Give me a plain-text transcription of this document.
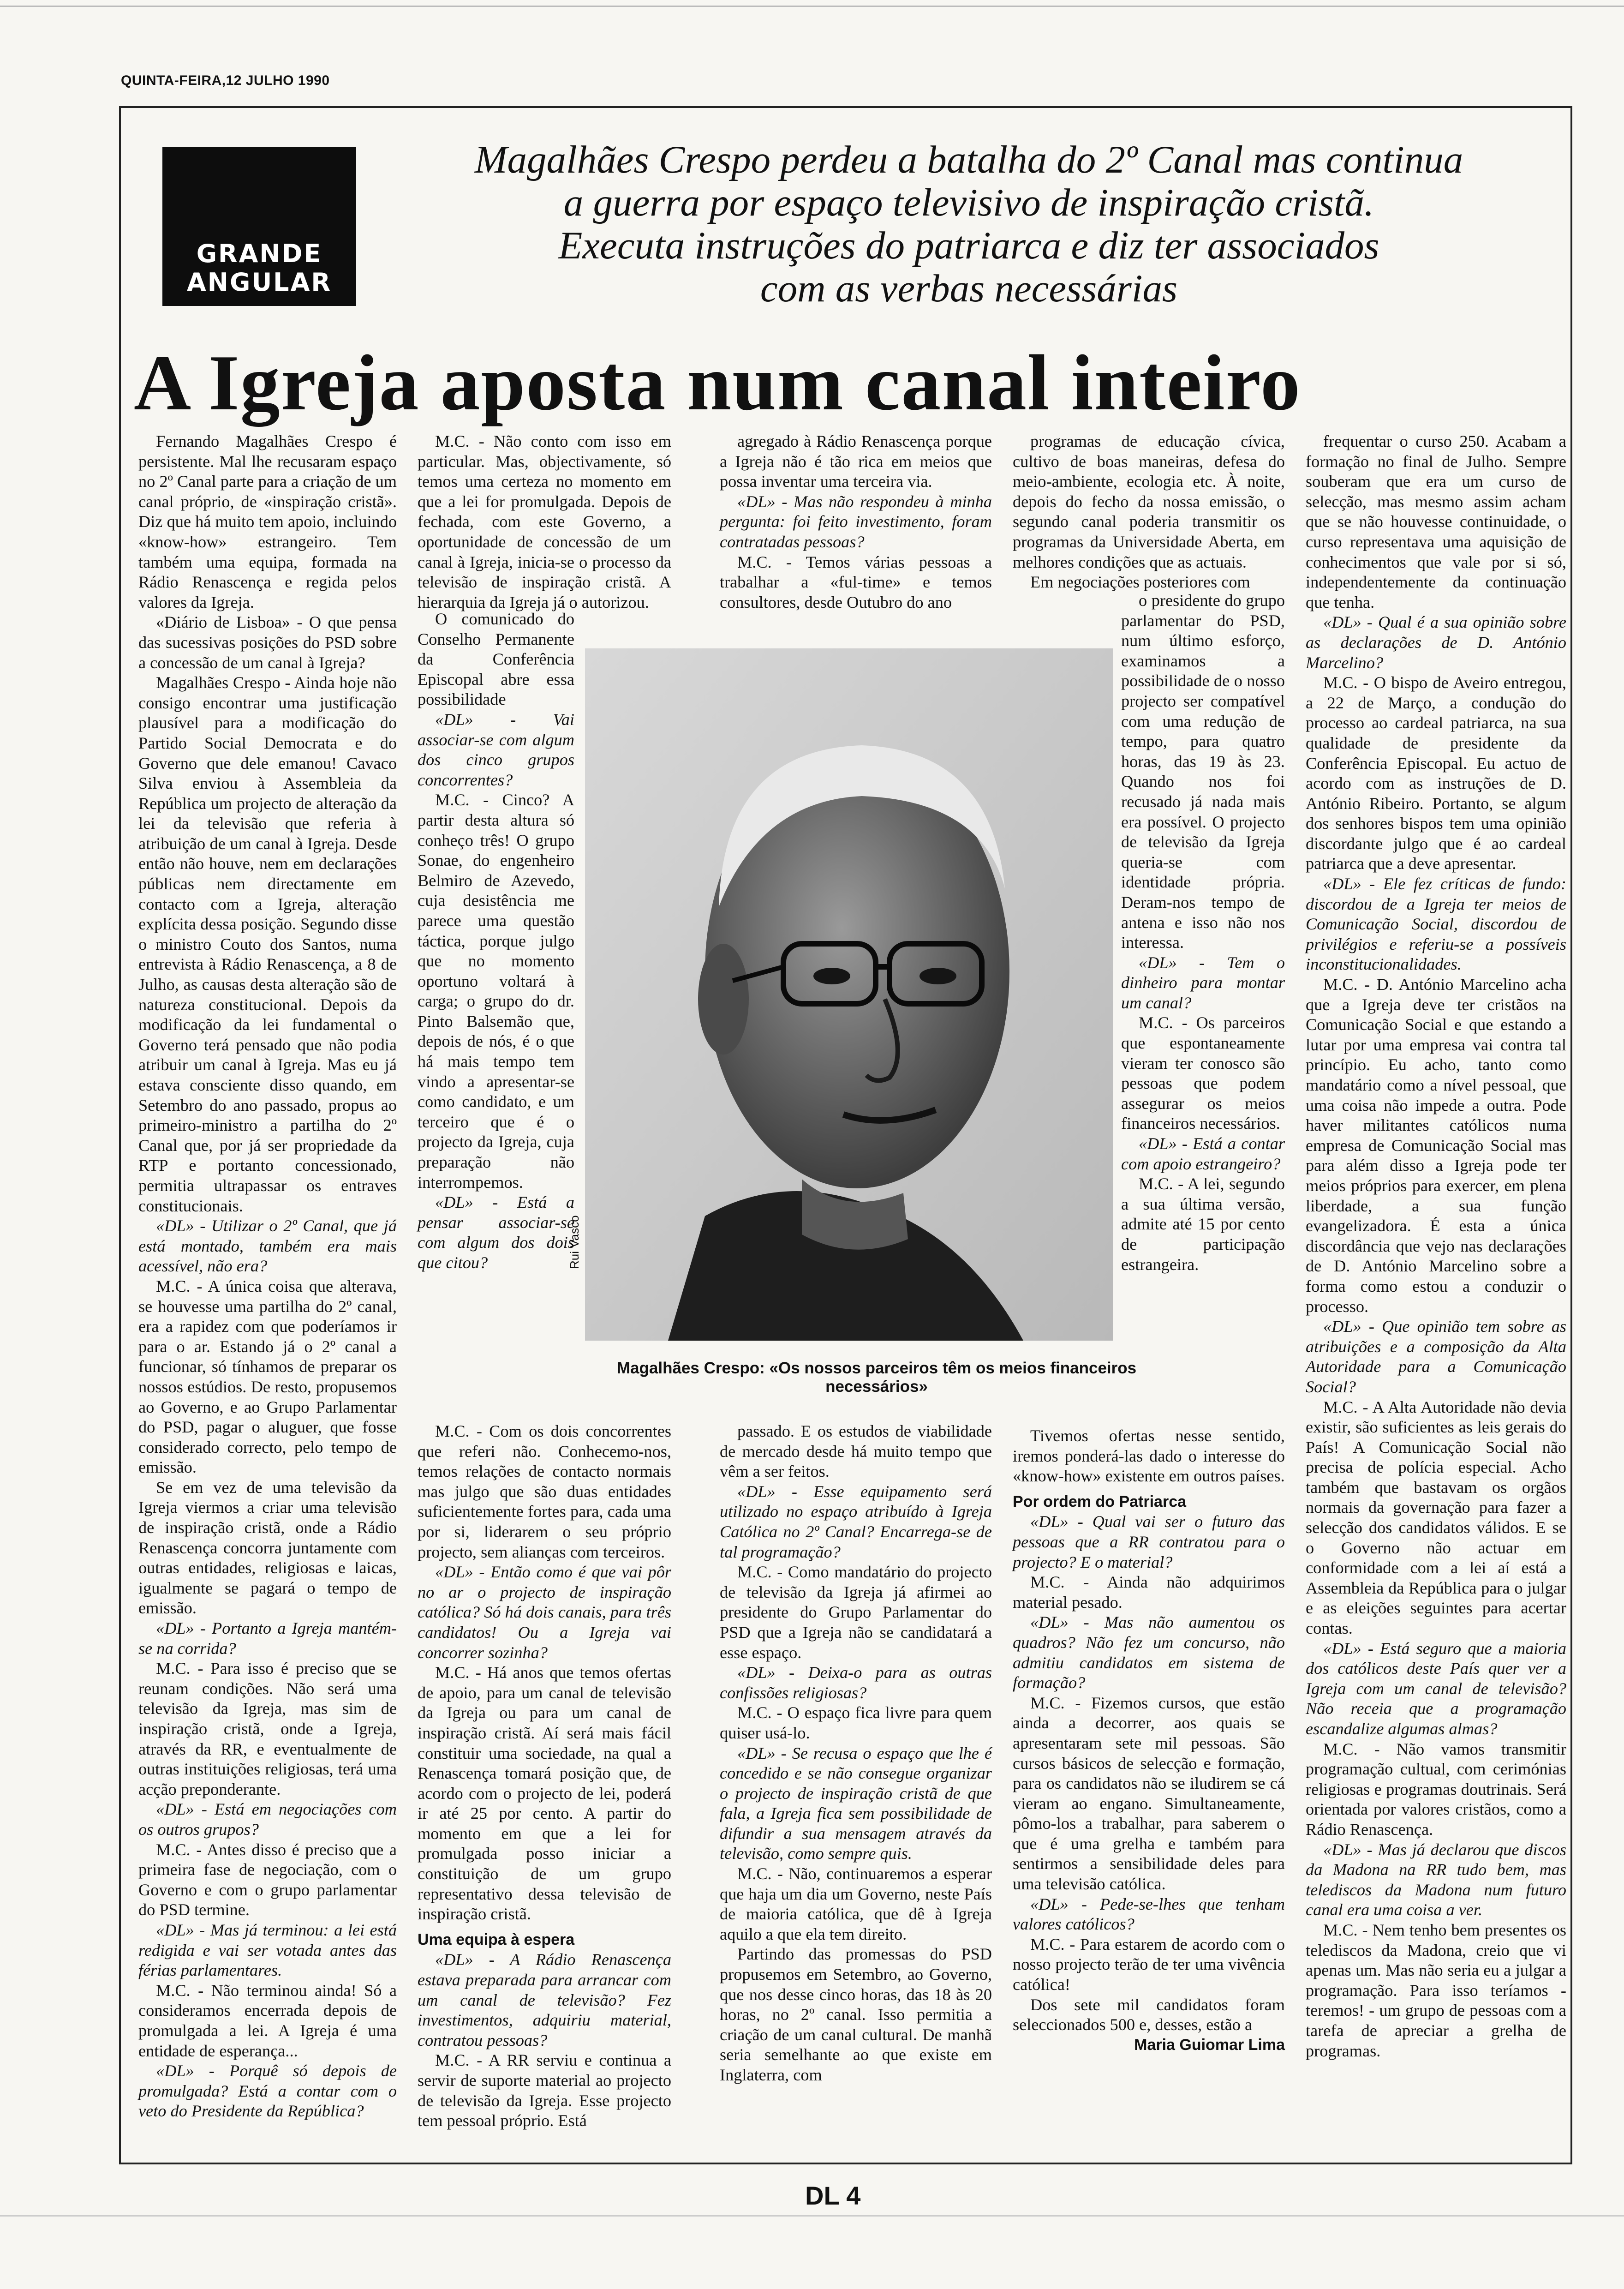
QUINTA-FEIRA,12 JULHO 1990
GRANDE
ANGULAR
Magalhães Crespo perdeu a batalha do 2º Canal mas continua
a guerra por espaço televisivo de inspiração cristã.
Executa instruções do patriarca e diz ter associados
com as verbas necessárias
A Igreja aposta num canal inteiro

Fernando Magalhães Crespo é persistente. Mal lhe recusaram espaço no 2º Canal parte para a criação de um canal próprio, de «inspiração cristã». Diz que há muito tem apoio, incluindo «know-how» estrangeiro. Tem também uma equipa, formada na Rádio Renascença e regida pelos valores da Igreja.

«Diário de Lisboa» - O que pensa das sucessivas posições do PSD sobre a concessão de um canal à Igreja?

Magalhães Crespo - Ainda hoje não consigo encontrar uma justificação plausível para a modificação do Partido Social Democrata e do Governo que dele emanou! Cavaco Silva enviou à Assembleia da República um projecto de alteração da lei da televisão que referia à atribuição de um canal à Igreja. Desde então não houve, nem em declarações públicas nem directamente em contacto com a Igreja, alteração explícita dessa posição. Segundo disse o ministro Couto dos Santos, numa entrevista à Rádio Renascença, a 8 de Julho, as causas desta alteração são de natureza constitucional. Depois da modificação da lei fundamental o Governo terá pensado que não podia atribuir um canal à Igreja. Mas eu já estava consciente disso quando, em Setembro do ano passado, propus ao primeiro-ministro a partilha do 2º Canal que, por já ser propriedade da RTP e portanto concessionado, permitia ultrapassar os entraves constitucionais.

«DL» - Utilizar o 2º Canal, que já está montado, também era mais acessível, não era?

M.C. - A única coisa que alterava, se houvesse uma partilha do 2º canal, era a rapidez com que poderíamos ir para o ar. Estando já o 2º canal a funcionar, só tínhamos de preparar os nossos estúdios. De resto, propusemos ao Governo, e ao Grupo Parlamentar do PSD, pagar o aluguer, que fosse considerado correcto, pelo tempo de emissão.

Se em vez de uma televisão da Igreja viermos a criar uma televisão de inspiração cristã, onde a Rádio Renascença concorra juntamente com outras entidades, religiosas e laicas, igualmente se pagará o tempo de emissão.

«DL» - Portanto a Igreja mantém-se na corrida?

M.C. - Para isso é preciso que se reunam condições. Não será uma televisão da Igreja, mas sim de inspiração cristã, onde a Igreja, através da RR, e eventualmente de outras instituições religiosas, terá uma acção preponderante.

«DL» - Está em negociações com os outros grupos?

M.C. - Antes disso é preciso que a primeira fase de negociação, com o Governo e com o grupo parlamentar do PSD termine.

«DL» - Mas já terminou: a lei está redigida e vai ser votada antes das férias parlamentares.

M.C. - Não terminou ainda! Só a consideramos encerrada depois de promulgada a lei. A Igreja é uma entidade de esperança...

«DL» - Porquê só depois de promulgada? Está a contar com o veto do Presidente da República?

M.C. - Não conto com isso em particular. Mas, objectivamente, só temos uma certeza no momento em que a lei for promulgada. Depois de fechada, com este Governo, a oportunidade de concessão de um canal à Igreja, inicia-se o processo da televisão de inspiração cristã. A hierarquia da Igreja já o autorizou.

O comunicado do Conselho Permanente da Conferência Episcopal abre essa possibilidade

«DL» - Vai associar-se com algum dos cinco grupos concorrentes?

M.C. - Cinco? A partir desta altura só conheço três! O grupo Sonae, do engenheiro Belmiro de Azevedo, cuja desistência me parece uma questão táctica, porque julgo que no momento oportuno voltará à carga; o grupo do dr. Pinto Balsemão que, depois de nós, é o que há mais tempo tem vindo a apresentar-se como candidato, e um terceiro que é o projecto da Igreja, cuja preparação não interrompemos.

«DL» - Está a pensar associar-se com algum dos dois que citou?

M.C. - Com os dois concorrentes que referi não. Conhecemo-nos, temos relações de contacto normais mas julgo que são duas entidades suficientemente fortes para, cada uma por si, liderarem o seu próprio projecto, sem alianças com terceiros.

«DL» - Então como é que vai pôr no ar o projecto de inspiração católica? Só há dois canais, para três candidatos! Ou a Igreja vai concorrer sozinha?

M.C. - Há anos que temos ofertas de apoio, para um canal de televisão da Igreja ou para um canal de inspiração cristã. Aí será mais fácil constituir uma sociedade, na qual a Renascença tomará posição que, de acordo com o projecto de lei, poderá ir até 25 por cento. A partir do momento em que a lei for promulgada posso iniciar a constituição de um grupo representativo dessa televisão de inspiração cristã.

Uma equipa à espera

«DL» - A Rádio Renascença estava preparada para arrancar com um canal de televisão? Fez investimentos, adquiriu material, contratou pessoas?

M.C. - A RR serviu e continua a servir de suporte material ao projecto de televisão da Igreja. Esse projecto tem pessoal próprio. Está

agregado à Rádio Renascença porque a Igreja não é tão rica em meios que possa inventar uma terceira via.

«DL» - Mas não respondeu à minha pergunta: foi feito investimento, foram contratadas pessoas?

M.C. - Temos várias pessoas a trabalhar a «ful-time» e temos consultores, desde Outubro do ano

passado. E os estudos de viabilidade de mercado desde há muito tempo que vêm a ser feitos.

«DL» - Esse equipamento será utilizado no espaço atribuído à Igreja Católica no 2º Canal? Encarrega-se de tal programação?

M.C. - Como mandatário do projecto de televisão da Igreja já afirmei ao presidente do Grupo Parlamentar do PSD que a Igreja não se candidatará a esse espaço.

«DL» - Deixa-o para as outras confissões religiosas?

M.C. - O espaço fica livre para quem quiser usá-lo.

«DL» - Se recusa o espaço que lhe é concedido e se não consegue organizar o projecto de inspiração cristã de que fala, a Igreja fica sem possibilidade de difundir a sua mensagem através da televisão, como sempre quis.

M.C. - Não, continuaremos a esperar que haja um dia um Governo, neste País de maioria católica, que dê à Igreja aquilo a que ela tem direito.

Partindo das promessas do PSD propusemos em Setembro, ao Governo, que nos desse cinco horas, das 18 às 20 horas, no 2º canal. Isso permitia a criação de um canal cultural. De manhã seria semelhante ao que existe em Inglaterra, com

programas de educação cívica, cultivo de boas maneiras, defesa do meio-ambiente, ecologia etc. À noite, depois do fecho da nossa emissão, o segundo canal poderia transmitir os programas da Universidade Aberta, em melhores condições que as actuais.

Em negociações posteriores com

o presidente do grupo parlamentar do PSD, num último esforço, examinamos a possibilidade de o nosso projecto ser compatível com uma redução de tempo, para quatro horas, das 19 às 23. Quando nos foi recusado já nada mais era possível. O projecto de televisão da Igreja queria-se com identidade própria. Deram-nos tempo de antena e isso não nos interessa.

«DL» - Tem o dinheiro para montar um canal?

M.C. - Os parceiros que espontaneamente vieram ter conosco são pessoas que podem assegurar os meios financeiros necessários.

«DL» - Está a contar com apoio estrangeiro?

M.C. - A lei, segundo a sua última versão, admite até 15 por cento de participação estrangeira.

Tivemos ofertas nesse sentido, iremos ponderá-las dado o interesse do «know-how» existente em outros países.

Por ordem do Patriarca

«DL» - Qual vai ser o futuro das pessoas que a RR contratou para o projecto? E o material?

M.C. - Ainda não adquirimos material pesado.

«DL» - Mas não aumentou os quadros? Não fez um concurso, não admitiu candidatos em sistema de formação?

M.C. - Fizemos cursos, que estão ainda a decorrer, aos quais se apresentaram sete mil pessoas. São cursos básicos de selecção e formação, para os candidatos não se iludirem se cá vieram ao engano. Simultaneamente, pômo-los a trabalhar, para saberem o que é uma grelha e também para sentirmos a sensibilidade deles para uma televisão católica.

«DL» - Pede-se-lhes que tenham valores católicos?

M.C. - Para estarem de acordo com o nosso projecto terão de ter uma vivência católica!

Dos sete mil candidatos foram seleccionados 500 e, desses, estão a

Maria Guiomar Lima

frequentar o curso 250. Acabam a formação no final de Julho. Sempre souberam que era um curso de selecção, mas mesmo assim acham que se não houvesse continuidade, o curso representava uma aquisição de conhecimentos que vale por si só, independentemente da continuação que tenha.

«DL» - Qual é a sua opinião sobre as declarações de D. António Marcelino?

M.C. - O bispo de Aveiro entregou, a 22 de Março, a condução do processo ao cardeal patriarca, na sua qualidade de presidente da Conferência Episcopal. Eu actuo de acordo com as instruções de D. António Ribeiro. Portanto, se algum dos senhores bispos tem uma opinião discordante julgo que é ao cardeal patriarca que a deve apresentar.

«DL» - Ele fez críticas de fundo: discordou de a Igreja ter meios de Comunicação Social, discordou de privilégios e referiu-se a possíveis inconstitucionalidades.

M.C. - D. António Marcelino acha que a Igreja deve ter cristãos na Comunicação Social e que estando a lutar por uma empresa vai contra tal princípio. Eu acho, tanto como mandatário como a nível pessoal, que uma coisa não impede a outra. Pode haver militantes católicos numa empresa de Comunicação Social mas para além disso a Igreja pode ter meios próprios para exercer, em plena liberdade, a sua função evangelizadora. É esta a única discordância que vejo nas declarações de D. António Marcelino sobre a forma como estou a conduzir o processo.

«DL» - Que opinião tem sobre as atribuições e a composição da Alta Autoridade para a Comunicação Social?

M.C. - A Alta Autoridade não devia existir, são suficientes as leis gerais do País! A Comunicação Social não precisa de polícia especial. Acho também que bastavam os orgãos normais da governação para fazer a selecção dos candidatos válidos. E se o Governo não actuar em conformidade com a lei aí está a Assembleia da República para o julgar e as eleições seguintes para acertar contas.

«DL» - Está seguro que a maioria dos católicos deste País quer ver a Igreja com um canal de televisão? Não receia que a programação escandalize algumas almas?

M.C. - Não vamos transmitir programação cultual, com cerimónias religiosas e programas doutrinais. Será orientada por valores cristãos, como a Rádio Renascença.

«DL» - Mas já declarou que discos da Madona na RR tudo bem, mas telediscos da Madona num futuro canal era uma coisa a ver.

M.C. - Nem tenho bem presentes os telediscos da Madona, creio que vi apenas um. Mas não seria eu a julgar a programação. Para isso teríamos - teremos! - um grupo de pessoas com a tarefa de apreciar a grelha de programas.

Rui Vasco
Magalhães Crespo: «Os nossos parceiros têm os meios financeiros necessários»
DL 4
